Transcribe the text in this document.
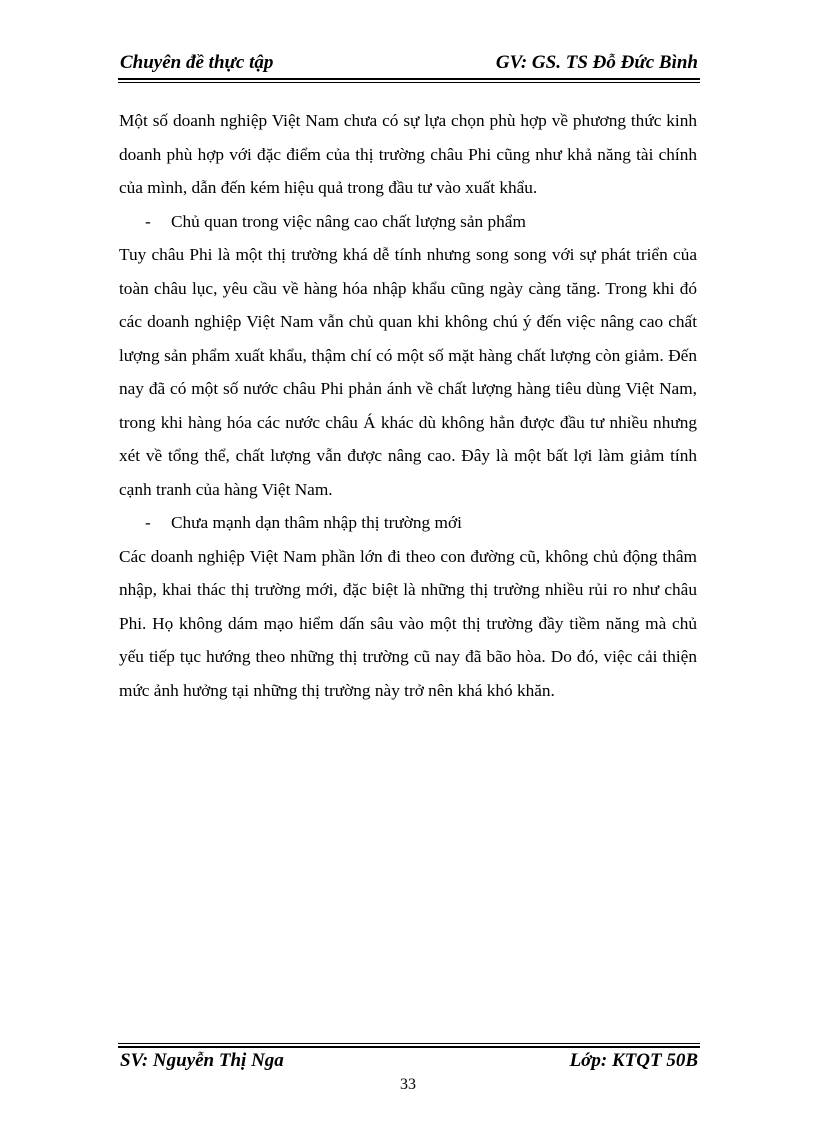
Chuyên đề thực tập	GV: GS. TS Đỗ Đức Bình

Một số doanh nghiệp Việt Nam chưa có sự lựa chọn phù hợp về phương thức kinh doanh phù hợp với đặc điểm của thị trường châu Phi cũng như khả năng tài chính của mình, dẫn đến kém hiệu quả trong đầu tư vào xuất khẩu.

- Chủ quan trong việc nâng cao chất lượng sản phẩm

Tuy châu Phi là một thị trường khá dễ tính nhưng song song với sự phát triển của toàn châu lục, yêu cầu về hàng hóa nhập khẩu cũng ngày càng tăng. Trong khi đó các doanh nghiệp Việt Nam vẫn chủ quan khi không chú ý đến việc nâng cao chất lượng sản phẩm xuất khẩu, thậm chí có một số mặt hàng chất lượng còn giảm. Đến nay đã có một số nước châu Phi phản ánh về chất lượng hàng tiêu dùng Việt Nam, trong khi hàng hóa các nước châu Á khác dù không hẳn được đầu tư nhiều nhưng xét về tổng thể, chất lượng vẫn được nâng cao. Đây là một bất lợi làm giảm tính cạnh tranh của hàng Việt Nam.

- Chưa mạnh dạn thâm nhập thị trường mới

Các doanh nghiệp Việt Nam phần lớn đi theo con đường cũ, không chủ động thâm nhập, khai thác thị trường mới, đặc biệt là những thị trường nhiều rủi ro như châu Phi. Họ không dám mạo hiểm dấn sâu vào một thị trường đầy tiềm năng mà chủ yếu tiếp tục hướng theo những thị trường cũ nay đã bão hòa. Do đó, việc cải thiện mức ảnh hưởng tại những thị trường này trở nên khá khó khăn.

SV: Nguyễn Thị Nga	Lớp: KTQT 50B
33
